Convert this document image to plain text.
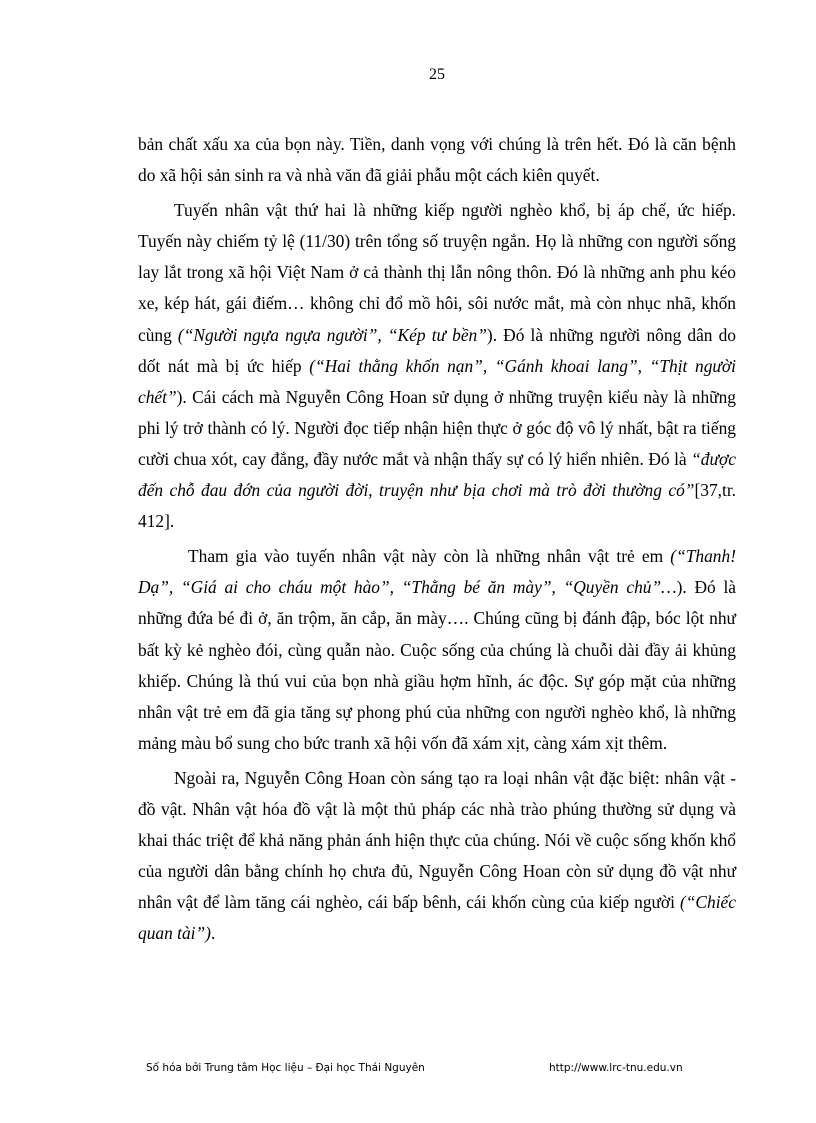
25

bản chất xấu xa của bọn này. Tiền, danh vọng với chúng là trên hết. Đó là căn bệnh do xã hội sản sinh ra và nhà văn đã giải phẫu một cách kiên quyết.

Tuyến nhân vật thứ hai là những kiếp người nghèo khổ, bị áp chế, ức hiếp. Tuyến này chiếm tỷ lệ (11/30) trên tổng số truyện ngắn. Họ là những con người sống lay lắt trong xã hội Việt Nam ở cả thành thị lẫn nông thôn. Đó là những anh phu kéo xe, kép hát, gái điếm… không chỉ đổ mồ hôi, sôi nước mắt, mà còn nhục nhã, khốn cùng (“Người ngựa ngựa người”, “Kép tư bền”). Đó là những người nông dân do dốt nát mà bị ức hiếp (“Hai thằng khốn nạn”, “Gánh khoai lang”, “Thịt người chết”). Cái cách mà Nguyễn Công Hoan sử dụng ở những truyện kiểu này là những phi lý trở thành có lý. Người đọc tiếp nhận hiện thực ở góc độ vô lý nhất, bật ra tiếng cười chua xót, cay đắng, đầy nước mắt và nhận thấy sự có lý hiển nhiên. Đó là “được đến chỗ đau đớn của người đời, truyện như bịa chơi mà trò đời thường có”[37,tr. 412].

Tham gia vào tuyến nhân vật này còn là những nhân vật trẻ em (“Thanh! Dạ”, “Giá ai cho cháu một hào”, “Thằng bé ăn mày”, “Quyền chủ”…). Đó là những đứa bé đi ở, ăn trộm, ăn cắp, ăn mày…. Chúng cũng bị đánh đập, bóc lột như bất kỳ kẻ nghèo đói, cùng quẫn nào. Cuộc sống của chúng là chuỗi dài đầy ải khủng khiếp. Chúng là thú vui của bọn nhà giầu hợm hĩnh, ác độc. Sự góp mặt của những nhân vật trẻ em đã gia tăng sự phong phú của những con người nghèo khổ, là những mảng màu bổ sung cho bức tranh xã hội vốn đã xám xịt, càng xám xịt thêm.

Ngoài ra, Nguyễn Công Hoan còn sáng tạo ra loại nhân vật đặc biệt: nhân vật - đồ vật. Nhân vật hóa đồ vật là một thủ pháp các nhà trào phúng thường sử dụng và khai thác triệt để khả năng phản ánh hiện thực của chúng. Nói về cuộc sống khốn khổ của người dân bằng chính họ chưa đủ, Nguyễn Công Hoan còn sử dụng đồ vật như nhân vật để làm tăng cái nghèo, cái bấp bênh, cái khốn cùng của kiếp người (“Chiếc quan tài”).

Số hóa bởi Trung tâm Học liệu – Đại học Thái Nguyên	http://www.lrc-tnu.edu.vn
